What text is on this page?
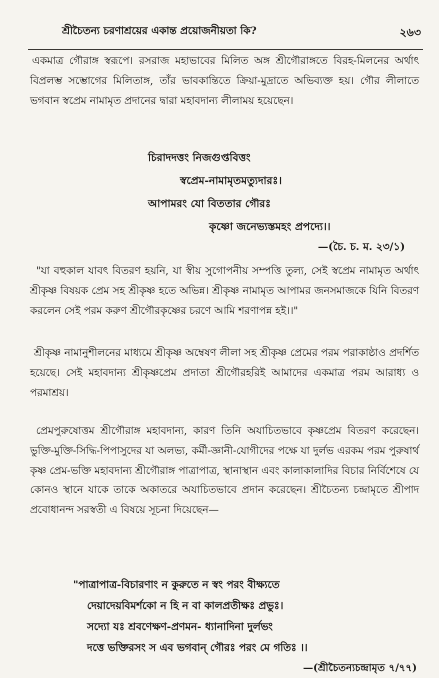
শ্রীচৈতন্য চরণাশ্রয়ের একান্ত প্রয়োজনীয়তা কি?	২৬৩
একমাত্র গৌরাঙ্গ স্বরূপে। রসরাজ মহাভাবের মিলিত অঙ্গ শ্রীগৌরাঙ্গতে বিরহ-মিলনের অর্থাৎ বিপ্রলম্ভ সম্ভোগের মিলিতাঙ্গ, তাঁর ভাবকান্তিতে ক্রিয়া-মুদ্রাতে অভিব্যক্ত হয়। গৌর লীলাতে ভগবান স্বপ্রেম নামামৃত প্রদানের দ্বারা মহাবদান্য লীলাময় হয়েছেন।
চিরাদদত্তং নিজগুপ্তবিত্তং
স্বপ্রেম-নামামৃতমত্যুদারঃ।
আপামরং যো বিততার গৌরঃ
কৃষ্ণো জনেভ্যস্তমহং প্রপদ্যে।।
—(চৈ. চ. ম. ২৩/১)
"যা বহুকাল যাবৎ বিতরণ হয়নি, যা স্বীয় সুগোপনীয় সম্পত্তি তুল্য, সেই স্বপ্রেম নামামৃত অর্থাৎ শ্রীকৃষ্ণ বিষয়ক প্রেম সহ শ্রীকৃষ্ণ হতে অভিন্ন। শ্রীকৃষ্ণ নামামৃত আপামর জনসমাজকে যিনি বিতরণ করলেন সেই পরম করুণ শ্রীগৌরকৃষ্ণের চরণে আমি শরণাপন্ন হই।।"
শ্রীকৃষ্ণ নামানুশীলনের মাধ্যমে শ্রীকৃষ্ণ অম্বেষণ লীলা সহ শ্রীকৃষ্ণ প্রেমের পরম পরাকাষ্ঠাও প্রদর্শিত হয়েছে। সেই মহাবদান্য শ্রীকৃষ্ণপ্রেম প্রদাতা শ্রীগৌরহরিই আমাদের একমাত্র পরম আরাধ্য ও পরমাশ্রয়।
প্রেমপুরুষোত্তম শ্রীগৌরাঙ্গ মহাবদান্য, কারণ তিনি অযাচিতভাবে কৃষ্ণপ্রেম বিতরণ করেছেন। ভুক্তি-মুক্তি-সিদ্ধি-পিপাসুদের যা অলভ্য, কর্মী-জ্ঞানী-যোগীদের পক্ষে যা দুর্লভ এরকম পরম পুরুষার্থ কৃষ্ণ প্রেম-ভক্তি মহাবদান্য শ্রীগৌরাঙ্গ পাত্রাপাত্র, স্থানাস্থান এবং কালাকালাদির বিচার নির্বিশেষে যে কোনও স্থানে যাকে তাকে অকাতরে অযাচিতভাবে প্রদান করেছেন। শ্রীচৈতন্য চন্দ্রামৃতে শ্রীপাদ প্রবোধানন্দ সরস্বতী এ বিষয়ে সূচনা দিয়েছেন—
"পাত্রাপাত্র-বিচারণাং ন কুরুতে ন স্বং পরং বীক্ষ্যতে
দেয়াদেয়বিমর্শকো ন হি ন বা কালপ্রতীক্ষঃ প্রভুঃ।
সদ্যো যঃ শ্রবণেক্ষণ-প্রণমন- ধ্যানাদিনা দুর্লভং
দত্তে ভক্তিরসং স এব ভগবান্ গৌরঃ পরং মে গতিঃ ।।
—(শ্রীচৈতন্যচন্দ্রামৃত ৭/৭৭)
